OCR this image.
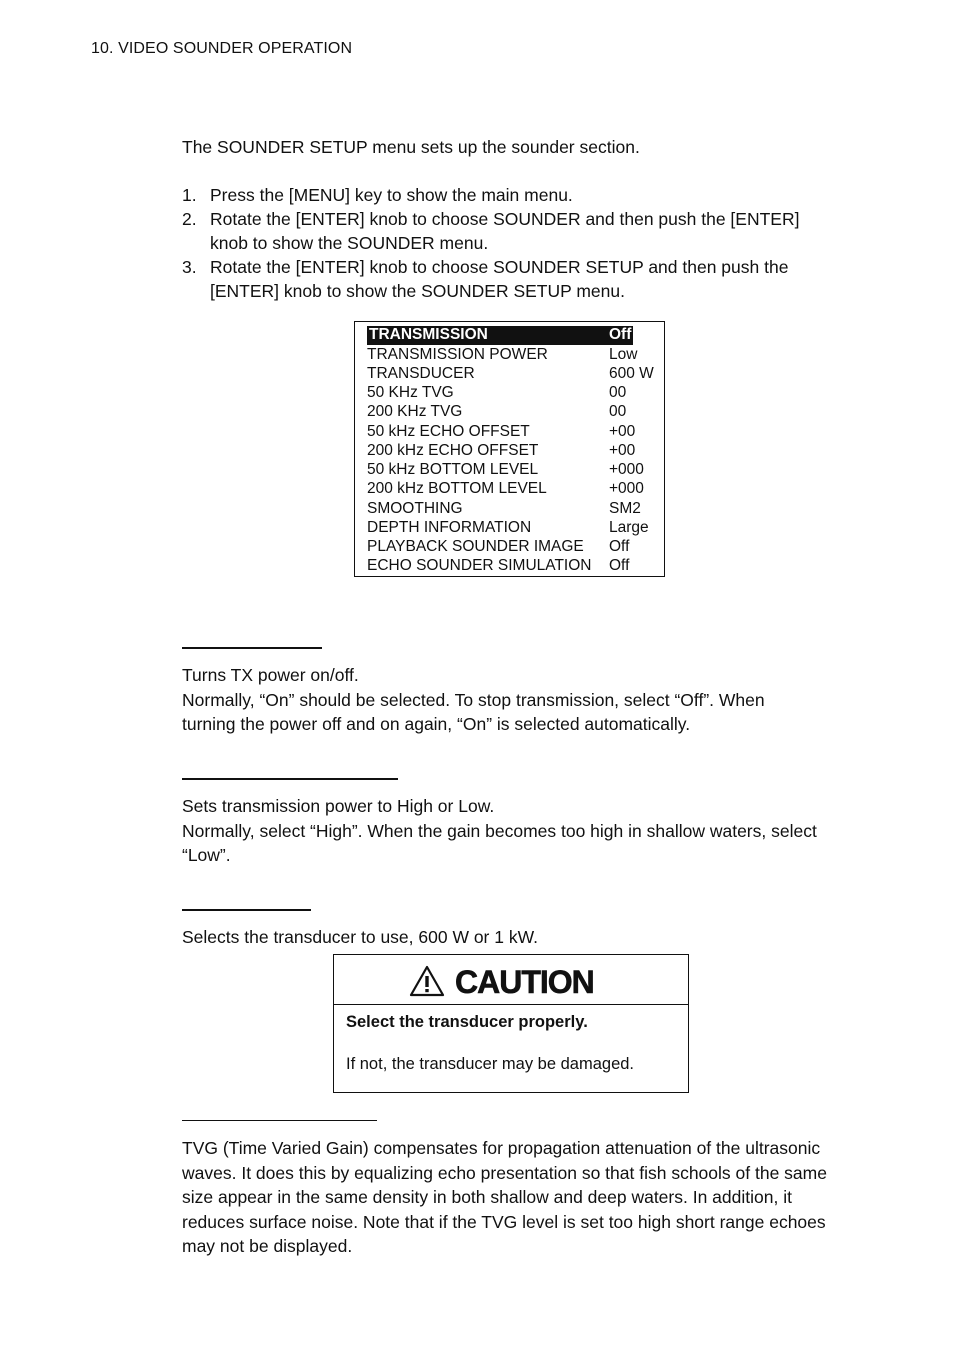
10. VIDEO SOUNDER OPERATION
The SOUNDER SETUP menu sets up the sounder section.
1. Press the [MENU] key to show the main menu.
2. Rotate the [ENTER] knob to choose SOUNDER and then push the [ENTER] knob to show the SOUNDER menu.
3. Rotate the [ENTER] knob to choose SOUNDER SETUP and then push the [ENTER] knob to show the SOUNDER SETUP menu.
TRANSMISSION	Off
TRANSMISSION POWER	Low
TRANSDUCER	600 W
50 KHz TVG	00
200 KHz TVG	00
50 kHz ECHO OFFSET	+00
200 kHz ECHO OFFSET	+00
50 kHz BOTTOM LEVEL	+000
200 kHz BOTTOM LEVEL	+000
SMOOTHING	SM2
DEPTH INFORMATION	Large
PLAYBACK SOUNDER IMAGE Off
ECHO SOUNDER SIMULATION Off
Turns TX power on/off.
Normally, “On” should be selected. To stop transmission, select “Off”. When turning the power off and on again, “On” is selected automatically.
Sets transmission power to High or Low.
Normally, select “High”. When the gain becomes too high in shallow waters, select “Low”.
Selects the transducer to use, 600 W or 1 kW.
CAUTION
Select the transducer properly.
If not, the transducer may be damaged.
TVG (Time Varied Gain) compensates for propagation attenuation of the ultrasonic waves. It does this by equalizing echo presentation so that fish schools of the same size appear in the same density in both shallow and deep waters. In addition, it reduces surface noise. Note that if the TVG level is set too high short range echoes may not be displayed.
